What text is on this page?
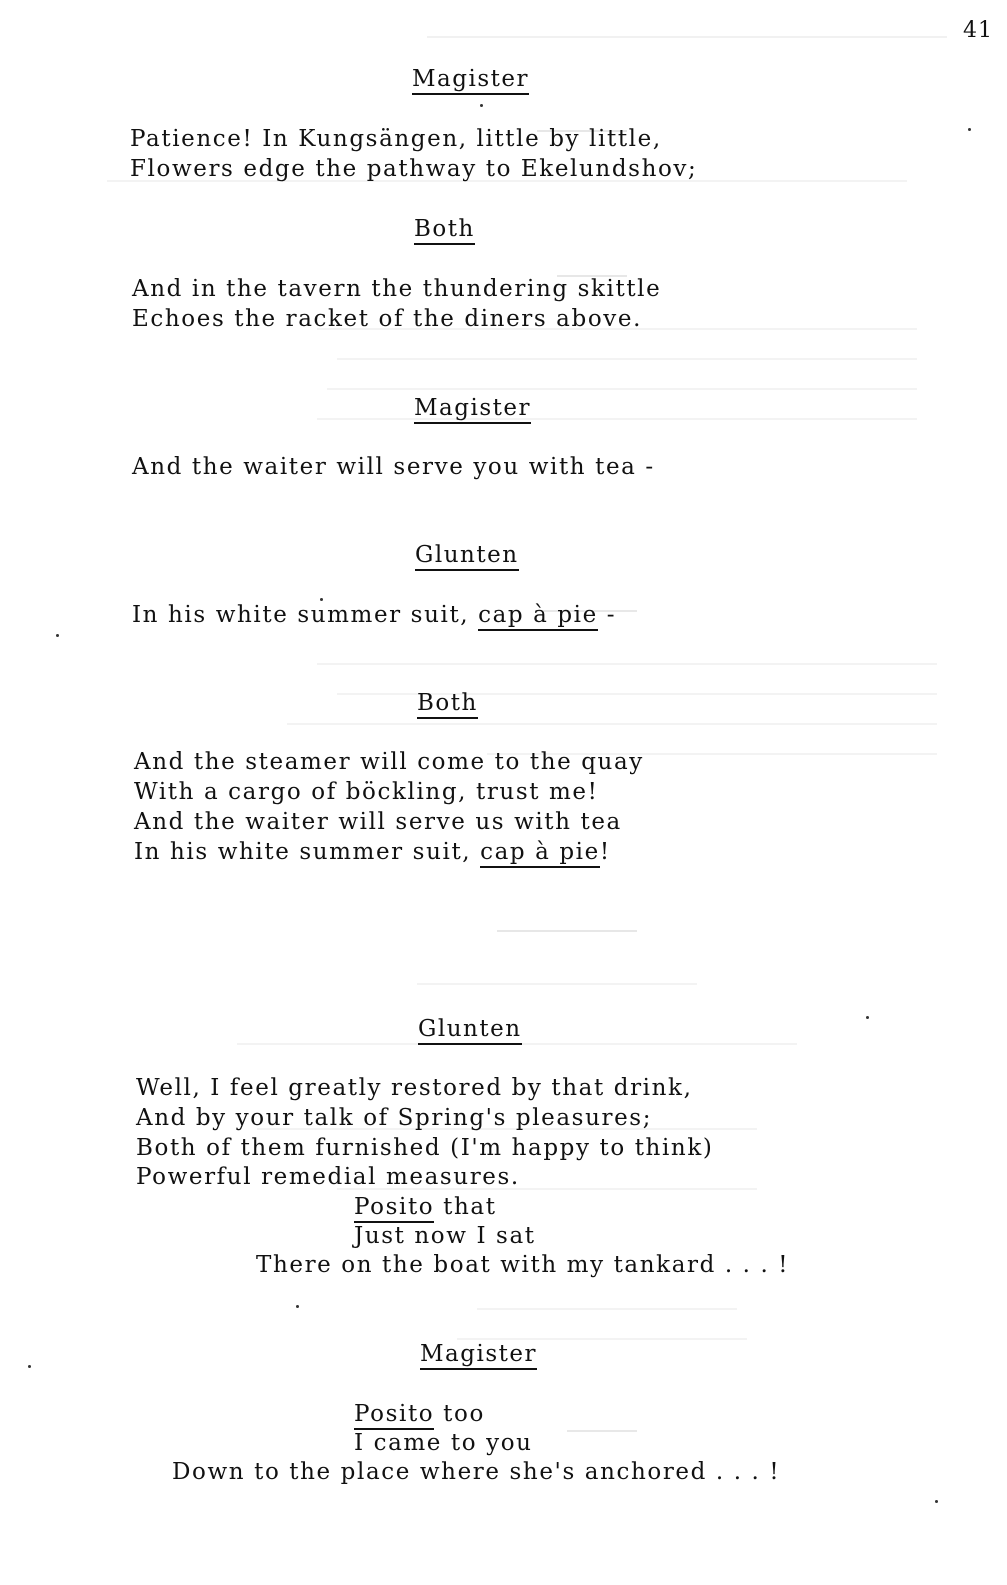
41
Magister
Patience! In Kungsängen, little by little,
Flowers edge the pathway to Ekelundshov;
Both
And in the tavern the thundering skittle
Echoes the racket of the diners above.
Magister
And the waiter will serve you with tea -
Glunten
In his white summer suit, cap à pie -
Both
And the steamer will come to the quay
With a cargo of böckling, trust me!
And the waiter will serve us with tea
In his white summer suit, cap à pie!
Glunten
Well, I feel greatly restored by that drink,
And by your talk of Spring's pleasures;
Both of them furnished (I'm happy to think)
Powerful remedial measures.
Posito that
Just now I sat
There on the boat with my tankard . . . !
Magister
Posito too
I came to you
Down to the place where she's anchored . . . !
